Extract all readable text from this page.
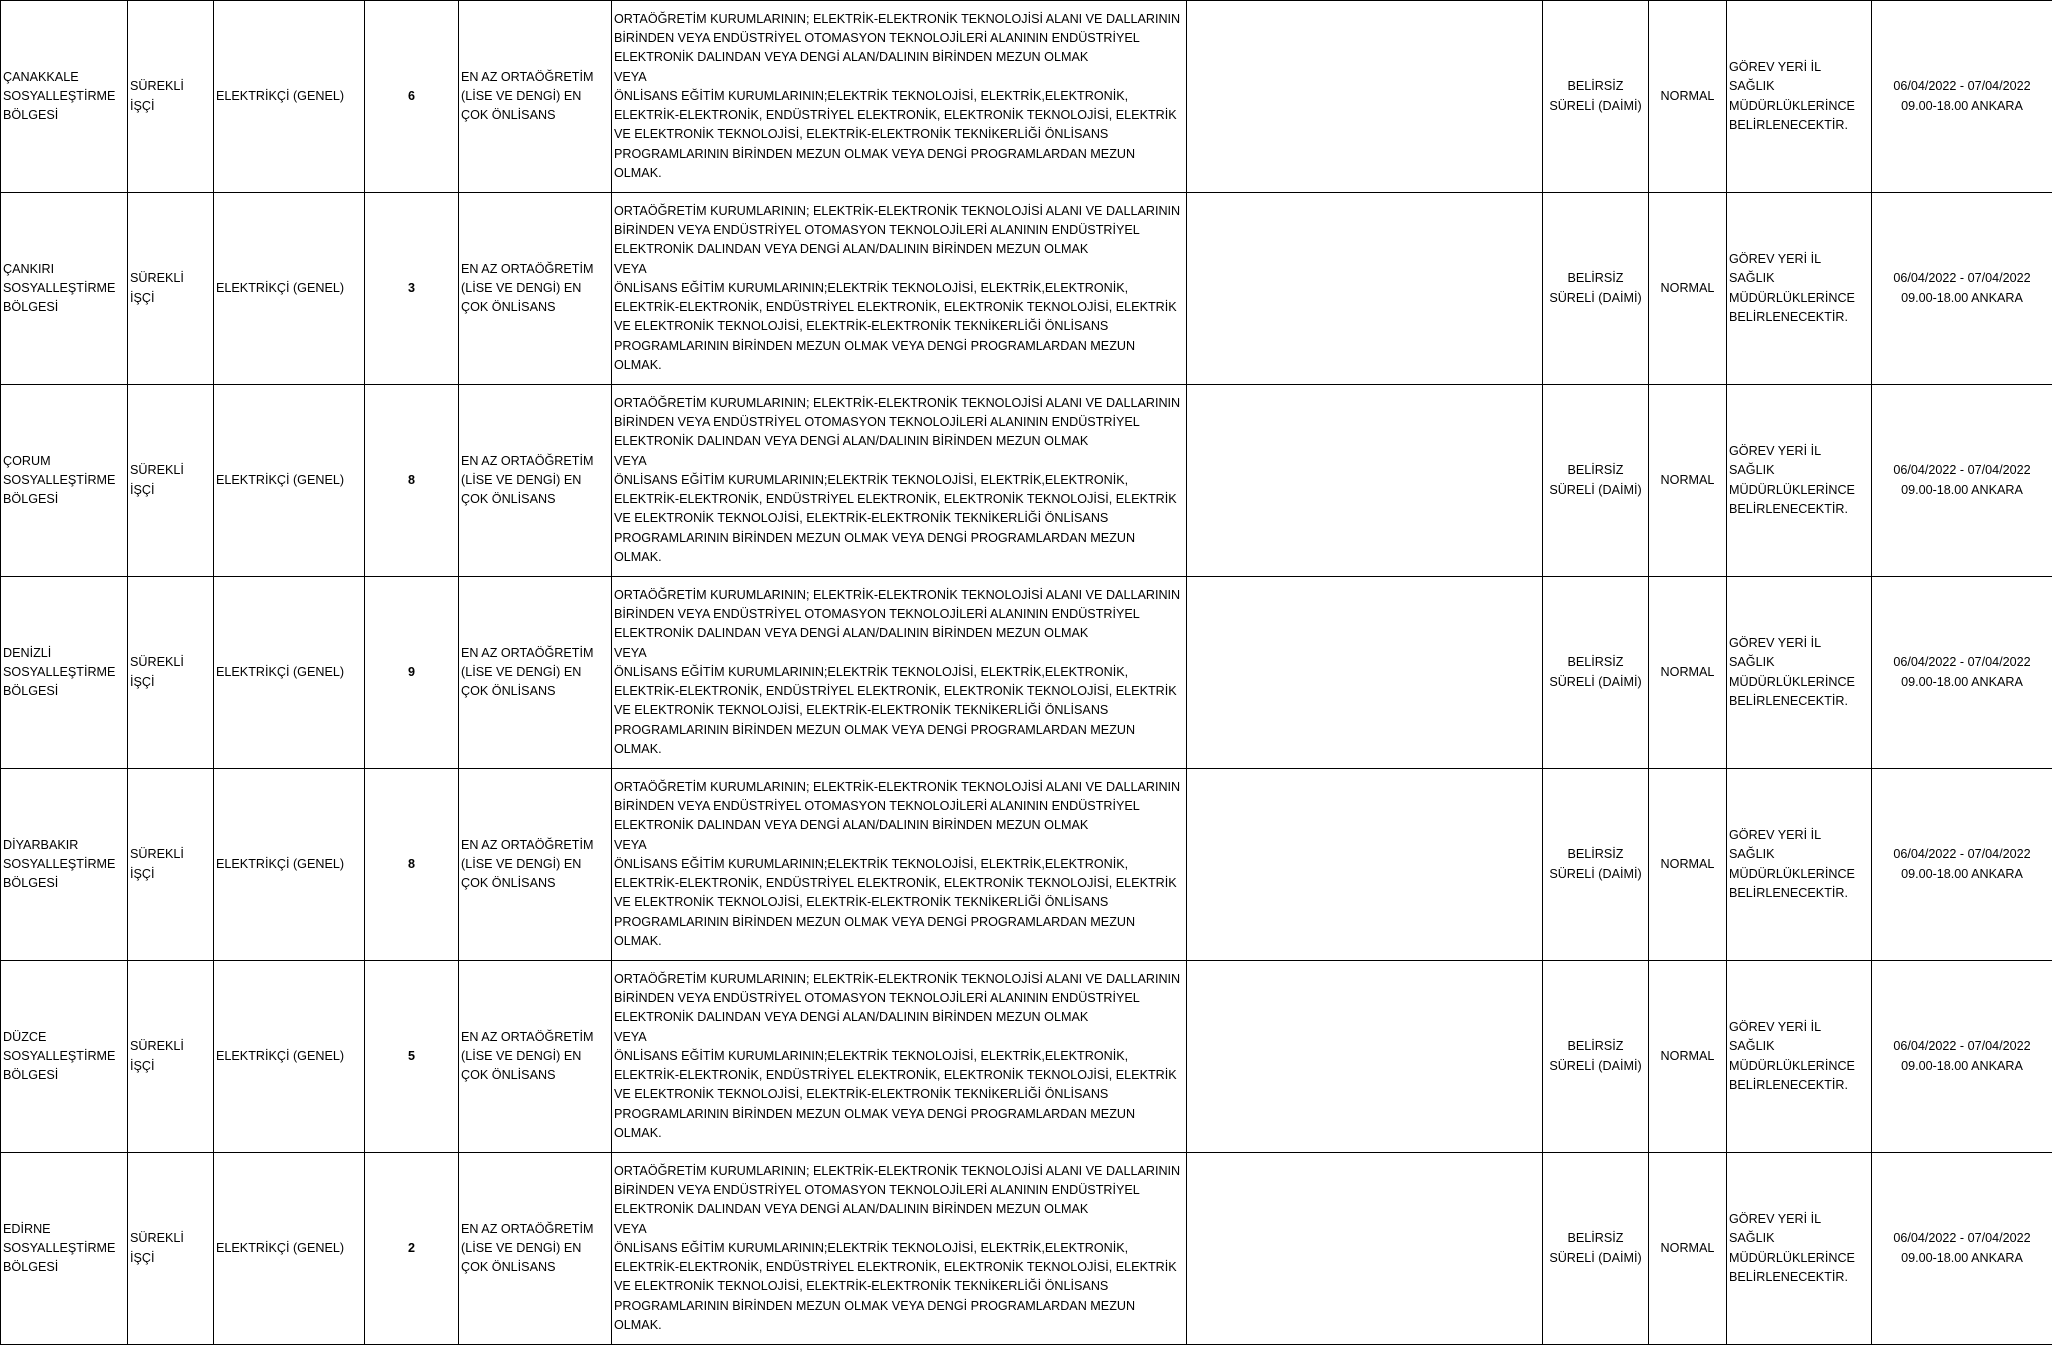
ÇANAKKALE SOSYALLEŞTİRME BÖLGESİ	SÜREKLİ İŞÇİ	ELEKTRİKÇİ (GENEL)	6	EN AZ ORTAÖĞRETİM (LİSE VE DENGİ) EN ÇOK ÖNLİSANS	ORTAÖĞRETİM KURUMLARININ; ELEKTRİK-ELEKTRONİK TEKNOLOJİSİ ALANI VE DALLARININ BİRİNDEN VEYA ENDÜSTRİYEL OTOMASYON TEKNOLOJİLERİ ALANININ ENDÜSTRİYEL ELEKTRONİK DALINDAN VEYA DENGİ ALAN/DALININ BİRİNDEN MEZUN OLMAK
VEYA
ÖNLİSANS EĞİTİM KURUMLARININ;ELEKTRİK TEKNOLOJİSİ, ELEKTRİK,ELEKTRONİK, ELEKTRİK-ELEKTRONİK, ENDÜSTRİYEL ELEKTRONİK, ELEKTRONİK TEKNOLOJİSİ, ELEKTRİK VE ELEKTRONİK TEKNOLOJİSİ, ELEKTRİK-ELEKTRONİK TEKNİKERLİĞİ ÖNLİSANS PROGRAMLARININ BİRİNDEN MEZUN OLMAK VEYA DENGİ PROGRAMLARDAN MEZUN OLMAK.		BELİRSİZ SÜRELİ (DAİMİ)	NORMAL	GÖREV YERİ İL SAĞLIK MÜDÜRLÜKLERİNCE BELİRLENECEKTİR.	06/04/2022 - 07/04/2022 09.00-18.00 ANKARA
ÇANKIRI SOSYALLEŞTİRME BÖLGESİ	SÜREKLİ İŞÇİ	ELEKTRİKÇİ (GENEL)	3	EN AZ ORTAÖĞRETİM (LİSE VE DENGİ) EN ÇOK ÖNLİSANS	ORTAÖĞRETİM KURUMLARININ; ELEKTRİK-ELEKTRONİK TEKNOLOJİSİ ALANI VE DALLARININ BİRİNDEN VEYA ENDÜSTRİYEL OTOMASYON TEKNOLOJİLERİ ALANININ ENDÜSTRİYEL ELEKTRONİK DALINDAN VEYA DENGİ ALAN/DALININ BİRİNDEN MEZUN OLMAK
VEYA
ÖNLİSANS EĞİTİM KURUMLARININ;ELEKTRİK TEKNOLOJİSİ, ELEKTRİK,ELEKTRONİK, ELEKTRİK-ELEKTRONİK, ENDÜSTRİYEL ELEKTRONİK, ELEKTRONİK TEKNOLOJİSİ, ELEKTRİK VE ELEKTRONİK TEKNOLOJİSİ, ELEKTRİK-ELEKTRONİK TEKNİKERLİĞİ ÖNLİSANS PROGRAMLARININ BİRİNDEN MEZUN OLMAK VEYA DENGİ PROGRAMLARDAN MEZUN OLMAK.		BELİRSİZ SÜRELİ (DAİMİ)	NORMAL	GÖREV YERİ İL SAĞLIK MÜDÜRLÜKLERİNCE BELİRLENECEKTİR.	06/04/2022 - 07/04/2022 09.00-18.00 ANKARA
ÇORUM SOSYALLEŞTİRME BÖLGESİ	SÜREKLİ İŞÇİ	ELEKTRİKÇİ (GENEL)	8	EN AZ ORTAÖĞRETİM (LİSE VE DENGİ) EN ÇOK ÖNLİSANS	ORTAÖĞRETİM KURUMLARININ; ELEKTRİK-ELEKTRONİK TEKNOLOJİSİ ALANI VE DALLARININ BİRİNDEN VEYA ENDÜSTRİYEL OTOMASYON TEKNOLOJİLERİ ALANININ ENDÜSTRİYEL ELEKTRONİK DALINDAN VEYA DENGİ ALAN/DALININ BİRİNDEN MEZUN OLMAK
VEYA
ÖNLİSANS EĞİTİM KURUMLARININ;ELEKTRİK TEKNOLOJİSİ, ELEKTRİK,ELEKTRONİK, ELEKTRİK-ELEKTRONİK, ENDÜSTRİYEL ELEKTRONİK, ELEKTRONİK TEKNOLOJİSİ, ELEKTRİK VE ELEKTRONİK TEKNOLOJİSİ, ELEKTRİK-ELEKTRONİK TEKNİKERLİĞİ ÖNLİSANS PROGRAMLARININ BİRİNDEN MEZUN OLMAK VEYA DENGİ PROGRAMLARDAN MEZUN OLMAK.		BELİRSİZ SÜRELİ (DAİMİ)	NORMAL	GÖREV YERİ İL SAĞLIK MÜDÜRLÜKLERİNCE BELİRLENECEKTİR.	06/04/2022 - 07/04/2022 09.00-18.00 ANKARA
DENİZLİ SOSYALLEŞTİRME BÖLGESİ	SÜREKLİ İŞÇİ	ELEKTRİKÇİ (GENEL)	9	EN AZ ORTAÖĞRETİM (LİSE VE DENGİ) EN ÇOK ÖNLİSANS	ORTAÖĞRETİM KURUMLARININ; ELEKTRİK-ELEKTRONİK TEKNOLOJİSİ ALANI VE DALLARININ BİRİNDEN VEYA ENDÜSTRİYEL OTOMASYON TEKNOLOJİLERİ ALANININ ENDÜSTRİYEL ELEKTRONİK DALINDAN VEYA DENGİ ALAN/DALININ BİRİNDEN MEZUN OLMAK
VEYA
ÖNLİSANS EĞİTİM KURUMLARININ;ELEKTRİK TEKNOLOJİSİ, ELEKTRİK,ELEKTRONİK, ELEKTRİK-ELEKTRONİK, ENDÜSTRİYEL ELEKTRONİK, ELEKTRONİK TEKNOLOJİSİ, ELEKTRİK VE ELEKTRONİK TEKNOLOJİSİ, ELEKTRİK-ELEKTRONİK TEKNİKERLİĞİ ÖNLİSANS PROGRAMLARININ BİRİNDEN MEZUN OLMAK VEYA DENGİ PROGRAMLARDAN MEZUN OLMAK.		BELİRSİZ SÜRELİ (DAİMİ)	NORMAL	GÖREV YERİ İL SAĞLIK MÜDÜRLÜKLERİNCE BELİRLENECEKTİR.	06/04/2022 - 07/04/2022 09.00-18.00 ANKARA
DİYARBAKIR SOSYALLEŞTİRME BÖLGESİ	SÜREKLİ İŞÇİ	ELEKTRİKÇİ (GENEL)	8	EN AZ ORTAÖĞRETİM (LİSE VE DENGİ) EN ÇOK ÖNLİSANS	ORTAÖĞRETİM KURUMLARININ; ELEKTRİK-ELEKTRONİK TEKNOLOJİSİ ALANI VE DALLARININ BİRİNDEN VEYA ENDÜSTRİYEL OTOMASYON TEKNOLOJİLERİ ALANININ ENDÜSTRİYEL ELEKTRONİK DALINDAN VEYA DENGİ ALAN/DALININ BİRİNDEN MEZUN OLMAK
VEYA
ÖNLİSANS EĞİTİM KURUMLARININ;ELEKTRİK TEKNOLOJİSİ, ELEKTRİK,ELEKTRONİK, ELEKTRİK-ELEKTRONİK, ENDÜSTRİYEL ELEKTRONİK, ELEKTRONİK TEKNOLOJİSİ, ELEKTRİK VE ELEKTRONİK TEKNOLOJİSİ, ELEKTRİK-ELEKTRONİK TEKNİKERLİĞİ ÖNLİSANS PROGRAMLARININ BİRİNDEN MEZUN OLMAK VEYA DENGİ PROGRAMLARDAN MEZUN OLMAK.		BELİRSİZ SÜRELİ (DAİMİ)	NORMAL	GÖREV YERİ İL SAĞLIK MÜDÜRLÜKLERİNCE BELİRLENECEKTİR.	06/04/2022 - 07/04/2022 09.00-18.00 ANKARA
DÜZCE SOSYALLEŞTİRME BÖLGESİ	SÜREKLİ İŞÇİ	ELEKTRİKÇİ (GENEL)	5	EN AZ ORTAÖĞRETİM (LİSE VE DENGİ) EN ÇOK ÖNLİSANS	ORTAÖĞRETİM KURUMLARININ; ELEKTRİK-ELEKTRONİK TEKNOLOJİSİ ALANI VE DALLARININ BİRİNDEN VEYA ENDÜSTRİYEL OTOMASYON TEKNOLOJİLERİ ALANININ ENDÜSTRİYEL ELEKTRONİK DALINDAN VEYA DENGİ ALAN/DALININ BİRİNDEN MEZUN OLMAK
VEYA
ÖNLİSANS EĞİTİM KURUMLARININ;ELEKTRİK TEKNOLOJİSİ, ELEKTRİK,ELEKTRONİK, ELEKTRİK-ELEKTRONİK, ENDÜSTRİYEL ELEKTRONİK, ELEKTRONİK TEKNOLOJİSİ, ELEKTRİK VE ELEKTRONİK TEKNOLOJİSİ, ELEKTRİK-ELEKTRONİK TEKNİKERLİĞİ ÖNLİSANS PROGRAMLARININ BİRİNDEN MEZUN OLMAK VEYA DENGİ PROGRAMLARDAN MEZUN OLMAK.		BELİRSİZ SÜRELİ (DAİMİ)	NORMAL	GÖREV YERİ İL SAĞLIK MÜDÜRLÜKLERİNCE BELİRLENECEKTİR.	06/04/2022 - 07/04/2022 09.00-18.00 ANKARA
EDİRNE SOSYALLEŞTİRME BÖLGESİ	SÜREKLİ İŞÇİ	ELEKTRİKÇİ (GENEL)	2	EN AZ ORTAÖĞRETİM (LİSE VE DENGİ) EN ÇOK ÖNLİSANS	ORTAÖĞRETİM KURUMLARININ; ELEKTRİK-ELEKTRONİK TEKNOLOJİSİ ALANI VE DALLARININ BİRİNDEN VEYA ENDÜSTRİYEL OTOMASYON TEKNOLOJİLERİ ALANININ ENDÜSTRİYEL ELEKTRONİK DALINDAN VEYA DENGİ ALAN/DALININ BİRİNDEN MEZUN OLMAK
VEYA
ÖNLİSANS EĞİTİM KURUMLARININ;ELEKTRİK TEKNOLOJİSİ, ELEKTRİK,ELEKTRONİK, ELEKTRİK-ELEKTRONİK, ENDÜSTRİYEL ELEKTRONİK, ELEKTRONİK TEKNOLOJİSİ, ELEKTRİK VE ELEKTRONİK TEKNOLOJİSİ, ELEKTRİK-ELEKTRONİK TEKNİKERLİĞİ ÖNLİSANS PROGRAMLARININ BİRİNDEN MEZUN OLMAK VEYA DENGİ PROGRAMLARDAN MEZUN OLMAK.		BELİRSİZ SÜRELİ (DAİMİ)	NORMAL	GÖREV YERİ İL SAĞLIK MÜDÜRLÜKLERİNCE BELİRLENECEKTİR.	06/04/2022 - 07/04/2022 09.00-18.00 ANKARA
